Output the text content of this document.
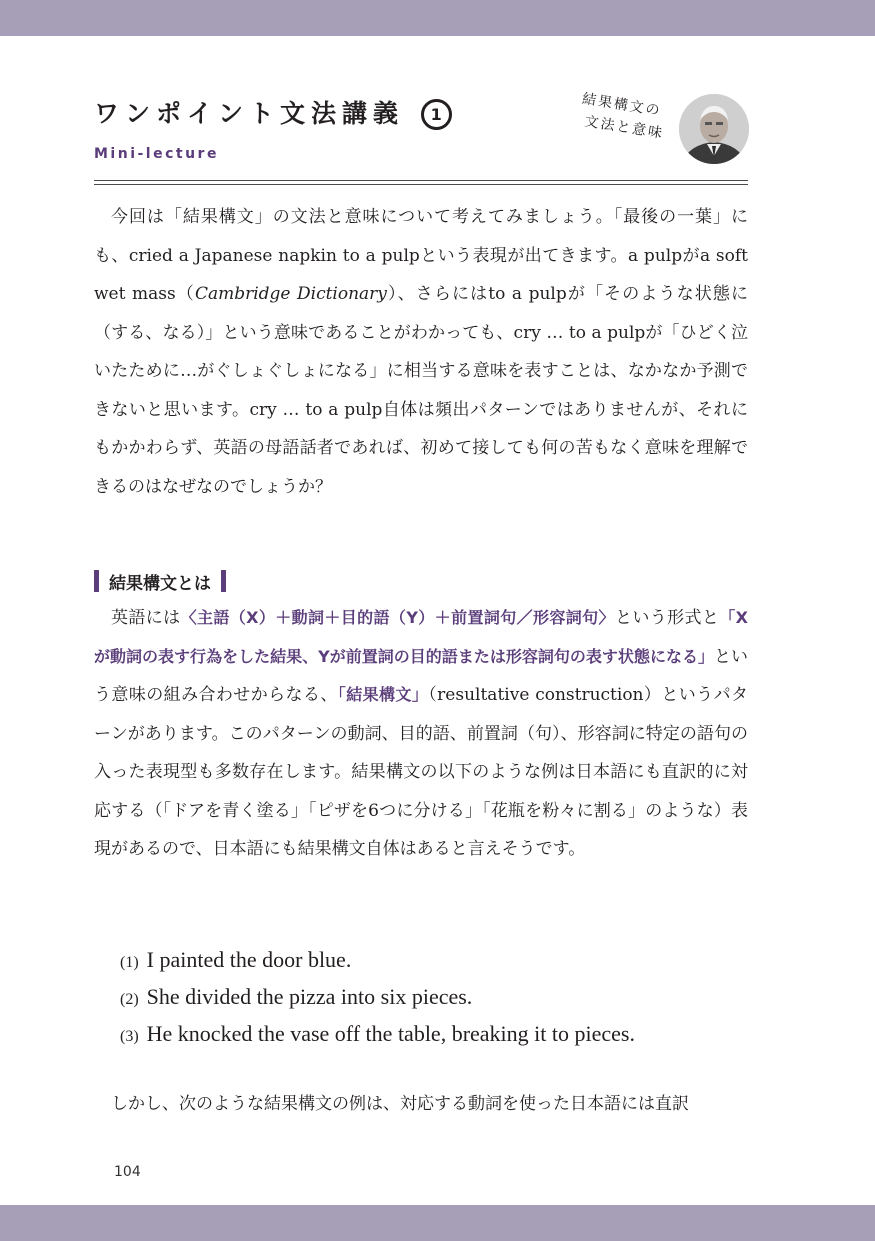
ワンポイント文法講義 1

Mini-lecture

結果構文の
文法と意味

今回は「結果構文」の文法と意味について考えてみましょう。「最後の一葉」にも、cried a Japanese napkin to a pulpという表現が出てきます。a pulpがa soft wet mass（Cambridge Dictionary）、さらにはto a pulpが「そのような状態に（する、なる）」という意味であることがわかっても、cry … to a pulpが「ひどく泣いたために…がぐしょぐしょになる」に相当する意味を表すことは、なかなか予測できないと思います。cry … to a pulp自体は頻出パターンではありませんが、それにもかかわらず、英語の母語話者であれば、初めて接しても何の苦もなく意味を理解できるのはなぜなのでしょうか？

結果構文とは

英語には〈主語（X）＋動詞＋目的語（Y）＋前置詞句／形容詞句〉という形式と「Xが動詞の表す行為をした結果、Yが前置詞の目的語または形容詞句の表す状態になる」という意味の組み合わせからなる、「結果構文」（resultative construction）というパターンがあります。このパターンの動詞、目的語、前置詞（句）、形容詞に特定の語句の入った表現型も多数存在します。結果構文の以下のような例は日本語にも直訳的に対応する（「ドアを青く塗る」「ピザを6つに分ける」「花瓶を粉々に割る」のような）表現があるので、日本語にも結果構文自体はあると言えそうです。

(1) I painted the door blue.
(2) She divided the pizza into six pieces.
(3) He knocked the vase off the table, breaking it to pieces.

しかし、次のような結果構文の例は、対応する動詞を使った日本語には直訳

104
